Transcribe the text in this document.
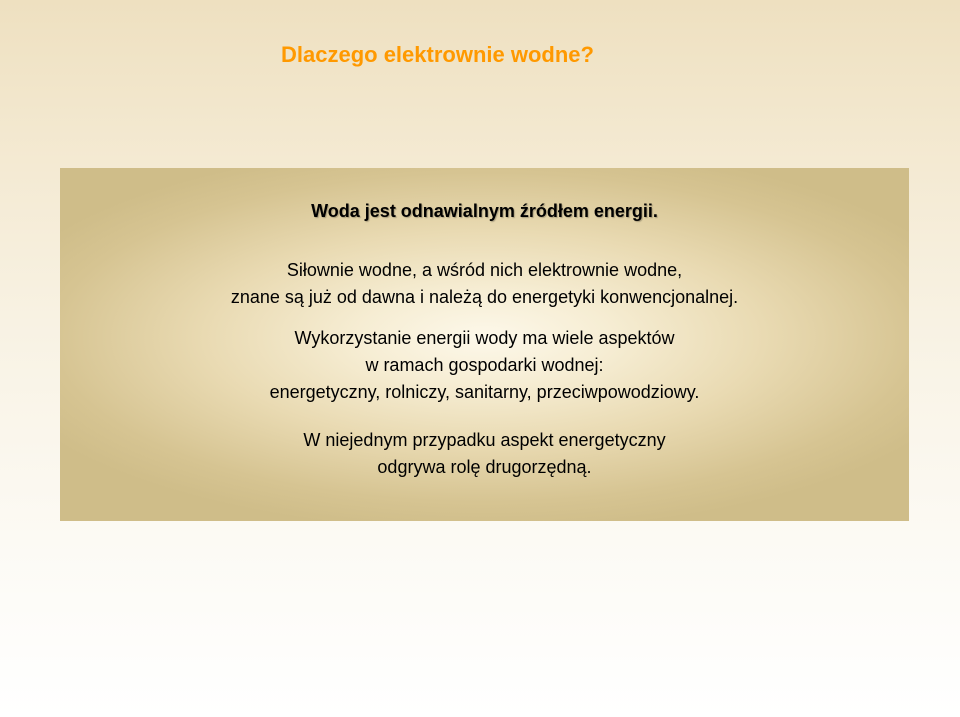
Dlaczego elektrownie wodne?
Woda jest odnawialnym źródłem energii.
Siłownie wodne, a wśród nich elektrownie wodne,
znane są już od dawna i należą do energetyki konwencjonalnej.
Wykorzystanie energii wody ma wiele aspektów
w ramach gospodarki wodnej:
energetyczny, rolniczy, sanitarny, przeciwpowodziowy.
W niejednym przypadku aspekt energetyczny
odgrywa rolę drugorzędną.
